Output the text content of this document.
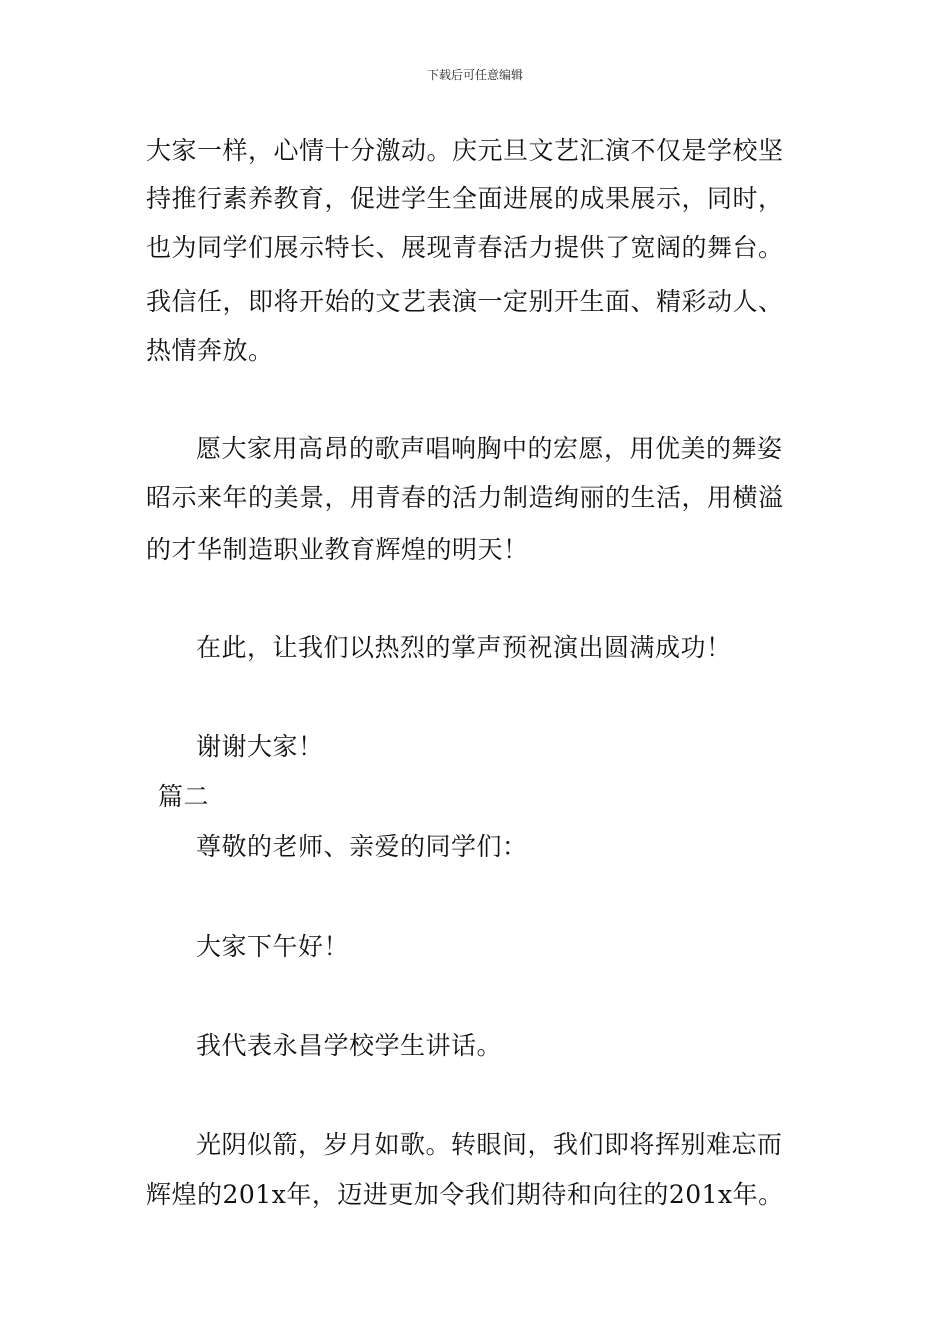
下载后可任意编辑
大家一样，心情十分激动。庆元旦文艺汇演不仅是学校坚
持推行素养教育，促进学生全面进展的成果展示，同时，
也为同学们展示特长、展现青春活力提供了宽阔的舞台。
我信任，即将开始的文艺表演一定别开生面、精彩动人、
热情奔放。
愿大家用高昂的歌声唱响胸中的宏愿，用优美的舞姿
昭示来年的美景，用青春的活力制造绚丽的生活，用横溢
的才华制造职业教育辉煌的明天！
在此，让我们以热烈的掌声预祝演出圆满成功！
谢谢大家！
篇二
尊敬的老师、亲爱的同学们：
大家下午好！
我代表永昌学校学生讲话。
光阴似箭，岁月如歌。转眼间，我们即将挥别难忘而
辉煌的201x年，迈进更加令我们期待和向往的201x年。
